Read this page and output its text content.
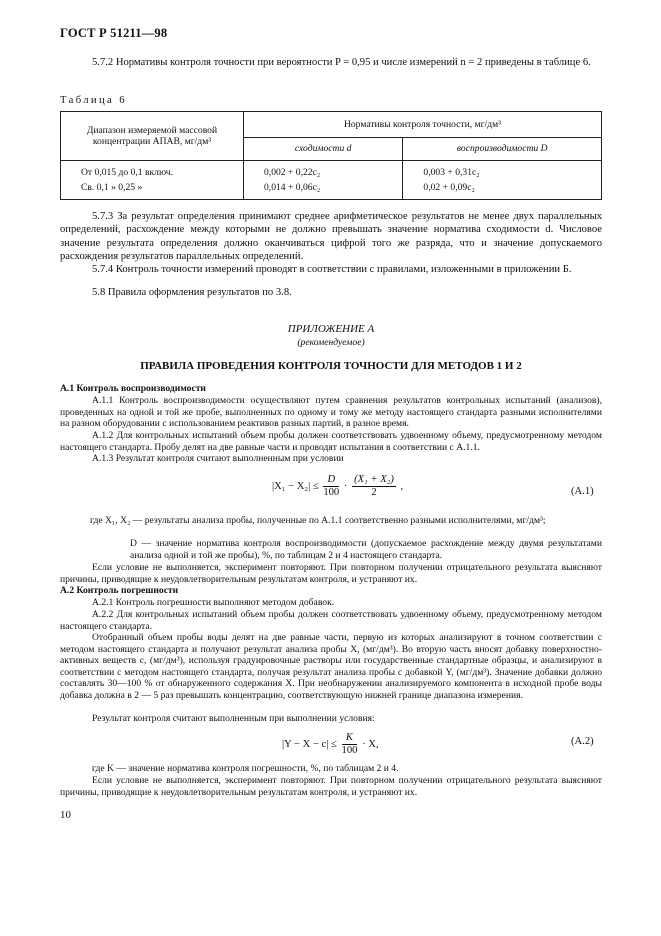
ГОСТ Р 51211—98

5.7.2 Нормативы контроля точности при вероятности P = 0,95 и числе измерений n = 2 приведены в таблице 6.

Таблица 6
Диапазон измеряемой массовой концентрации АПАВ, мг/дм³	Нормативы контроля точности, мг/дм³	
	сходимости d	воспроизводимости D
От 0,015 до 0,1 включ.	0,002 + 0,22c₂	0,003 + 0,31c₂
Св. 0,1 » 0,25 »	0,014 + 0,06c₂	0,02 + 0,09c₂

5.7.3 За результат определения принимают среднее арифметическое результатов не менее двух параллельных определений, расхождение между которыми не должно превышать значение норматива сходимости d. Числовое значение результата определения должно оканчиваться цифрой того же разряда, что и значение допускаемого расхождения результатов параллельных определений.

5.7.4 Контроль точности измерений проводят в соответствии с правилами, изложенными в приложении Б.

5.8 Правила оформления результатов по 3.8.

ПРИЛОЖЕНИЕ А
(рекомендуемое)
ПРАВИЛА ПРОВЕДЕНИЯ КОНТРОЛЯ ТОЧНОСТИ ДЛЯ МЕТОДОВ 1 И 2

А.1 Контроль воспроизводимости

А.1.1 Контроль воспроизводимости осуществляют путем сравнения результатов контрольных испытаний (анализов), проведенных на одной и той же пробе, выполненных по одному и тому же методу настоящего стандарта разными исполнителями на разном оборудовании с использованием реактивов разных партий, в разное время.

А.1.2 Для контрольных испытаний объем пробы должен соответствовать удвоенному объему, предусмотренному методом настоящего стандарта. Пробу делят на две равные части и проводят испытания в соответствии с А.1.1.

А.1.3 Результат контроля считают выполненным при условии

$|X_1 - X_2| \le \frac{D}{100} \cdot \frac{\text{(X₁ + X₂)}}{2}$ ,	(А.1)

где X₁, X₂ — результаты анализа пробы, полученные по А.1.1 соответственно разными исполнителями, мг/дм³;

D — значение норматива контроля воспроизводимости (допускаемое расхождение между двумя результатами анализа одной и той же пробы), %, по таблицам 2 и 4 настоящего стандарта.

Если условие не выполняется, эксперимент повторяют. При повторном получении отрицательного результата выясняют причины, приводящие к неудовлетворительным результатам контроля, и устраняют их.

А.2 Контроль погрешности

А.2.1 Контроль погрешности выполняют методом добавок.

А.2.2 Для контрольных испытаний объем пробы должен соответствовать удвоенному объему, предусмотренному методом настоящего стандарта.

Отобранный объем пробы воды делят на две равные части, первую из которых анализируют в точном соответствии с методом настоящего стандарта и получают результат анализа пробы X, (мг/дм³). Во вторую часть вносят добавку поверхностно-активных веществ c, (мг/дм³), используя градуировочные растворы или государственные стандартные образцы, и анализируют в соответствии с методом настоящего стандарта, получая результат анализа пробы с добавкой Y, (мг/дм³). Значение добавки должно составлять 30—100 % от обнаруженного содержания X. При необнаружении анализируемого компонента в исходной пробе воды добавка должна в 2 — 5 раз превышать концентрацию, соответствующую нижней границе диапазона измерения.

Результат контроля считают выполненным при выполнении условия:

$|Y - X - c| \le \frac{K}{100} \cdot X$,	(А.2)

где K — значение норматива контроля погрешности, %, по таблицам 2 и 4.

Если условие не выполняется, эксперимент повторяют. При повторном получении отрицательного результата выясняют причины, приводящие к неудовлетворительным результатам контроля, и устраняют их.

10
